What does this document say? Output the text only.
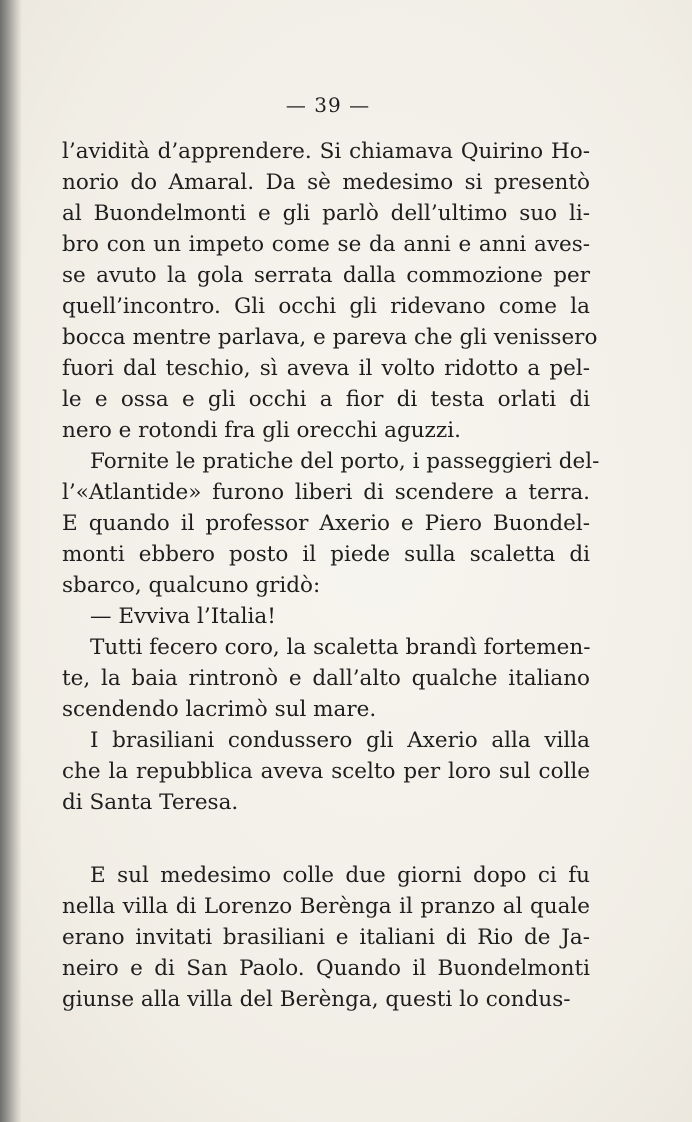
— 39 —
l’avidità d’apprendere. Si chiamava Quirino Ho-
norio do Amaral. Da sè medesimo si presentò
al Buondelmonti e gli parlò dell’ultimo suo li-
bro con un impeto come se da anni e anni aves-
se avuto la gola serrata dalla commozione per
quell’incontro. Gli occhi gli ridevano come la
bocca mentre parlava, e pareva che gli venissero
fuori dal teschio, sì aveva il volto ridotto a pel-
le e ossa e gli occhi a fior di testa orlati di
nero e rotondi fra gli orecchi aguzzi.
Fornite le pratiche del porto, i passeggieri del-
l’«Atlantide» furono liberi di scendere a terra.
E quando il professor Axerio e Piero Buondel-
monti ebbero posto il piede sulla scaletta di
sbarco, qualcuno gridò:
— Evviva l’Italia!
Tutti fecero coro, la scaletta brandì fortemen-
te, la baia rintronò e dall’alto qualche italiano
scendendo lacrimò sul mare.
I brasiliani condussero gli Axerio alla villa
che la repubblica aveva scelto per loro sul colle
di Santa Teresa.
E sul medesimo colle due giorni dopo ci fu
nella villa di Lorenzo Berènga il pranzo al quale
erano invitati brasiliani e italiani di Rio de Ja-
neiro e di San Paolo. Quando il Buondelmonti
giunse alla villa del Berènga, questi lo condus-
